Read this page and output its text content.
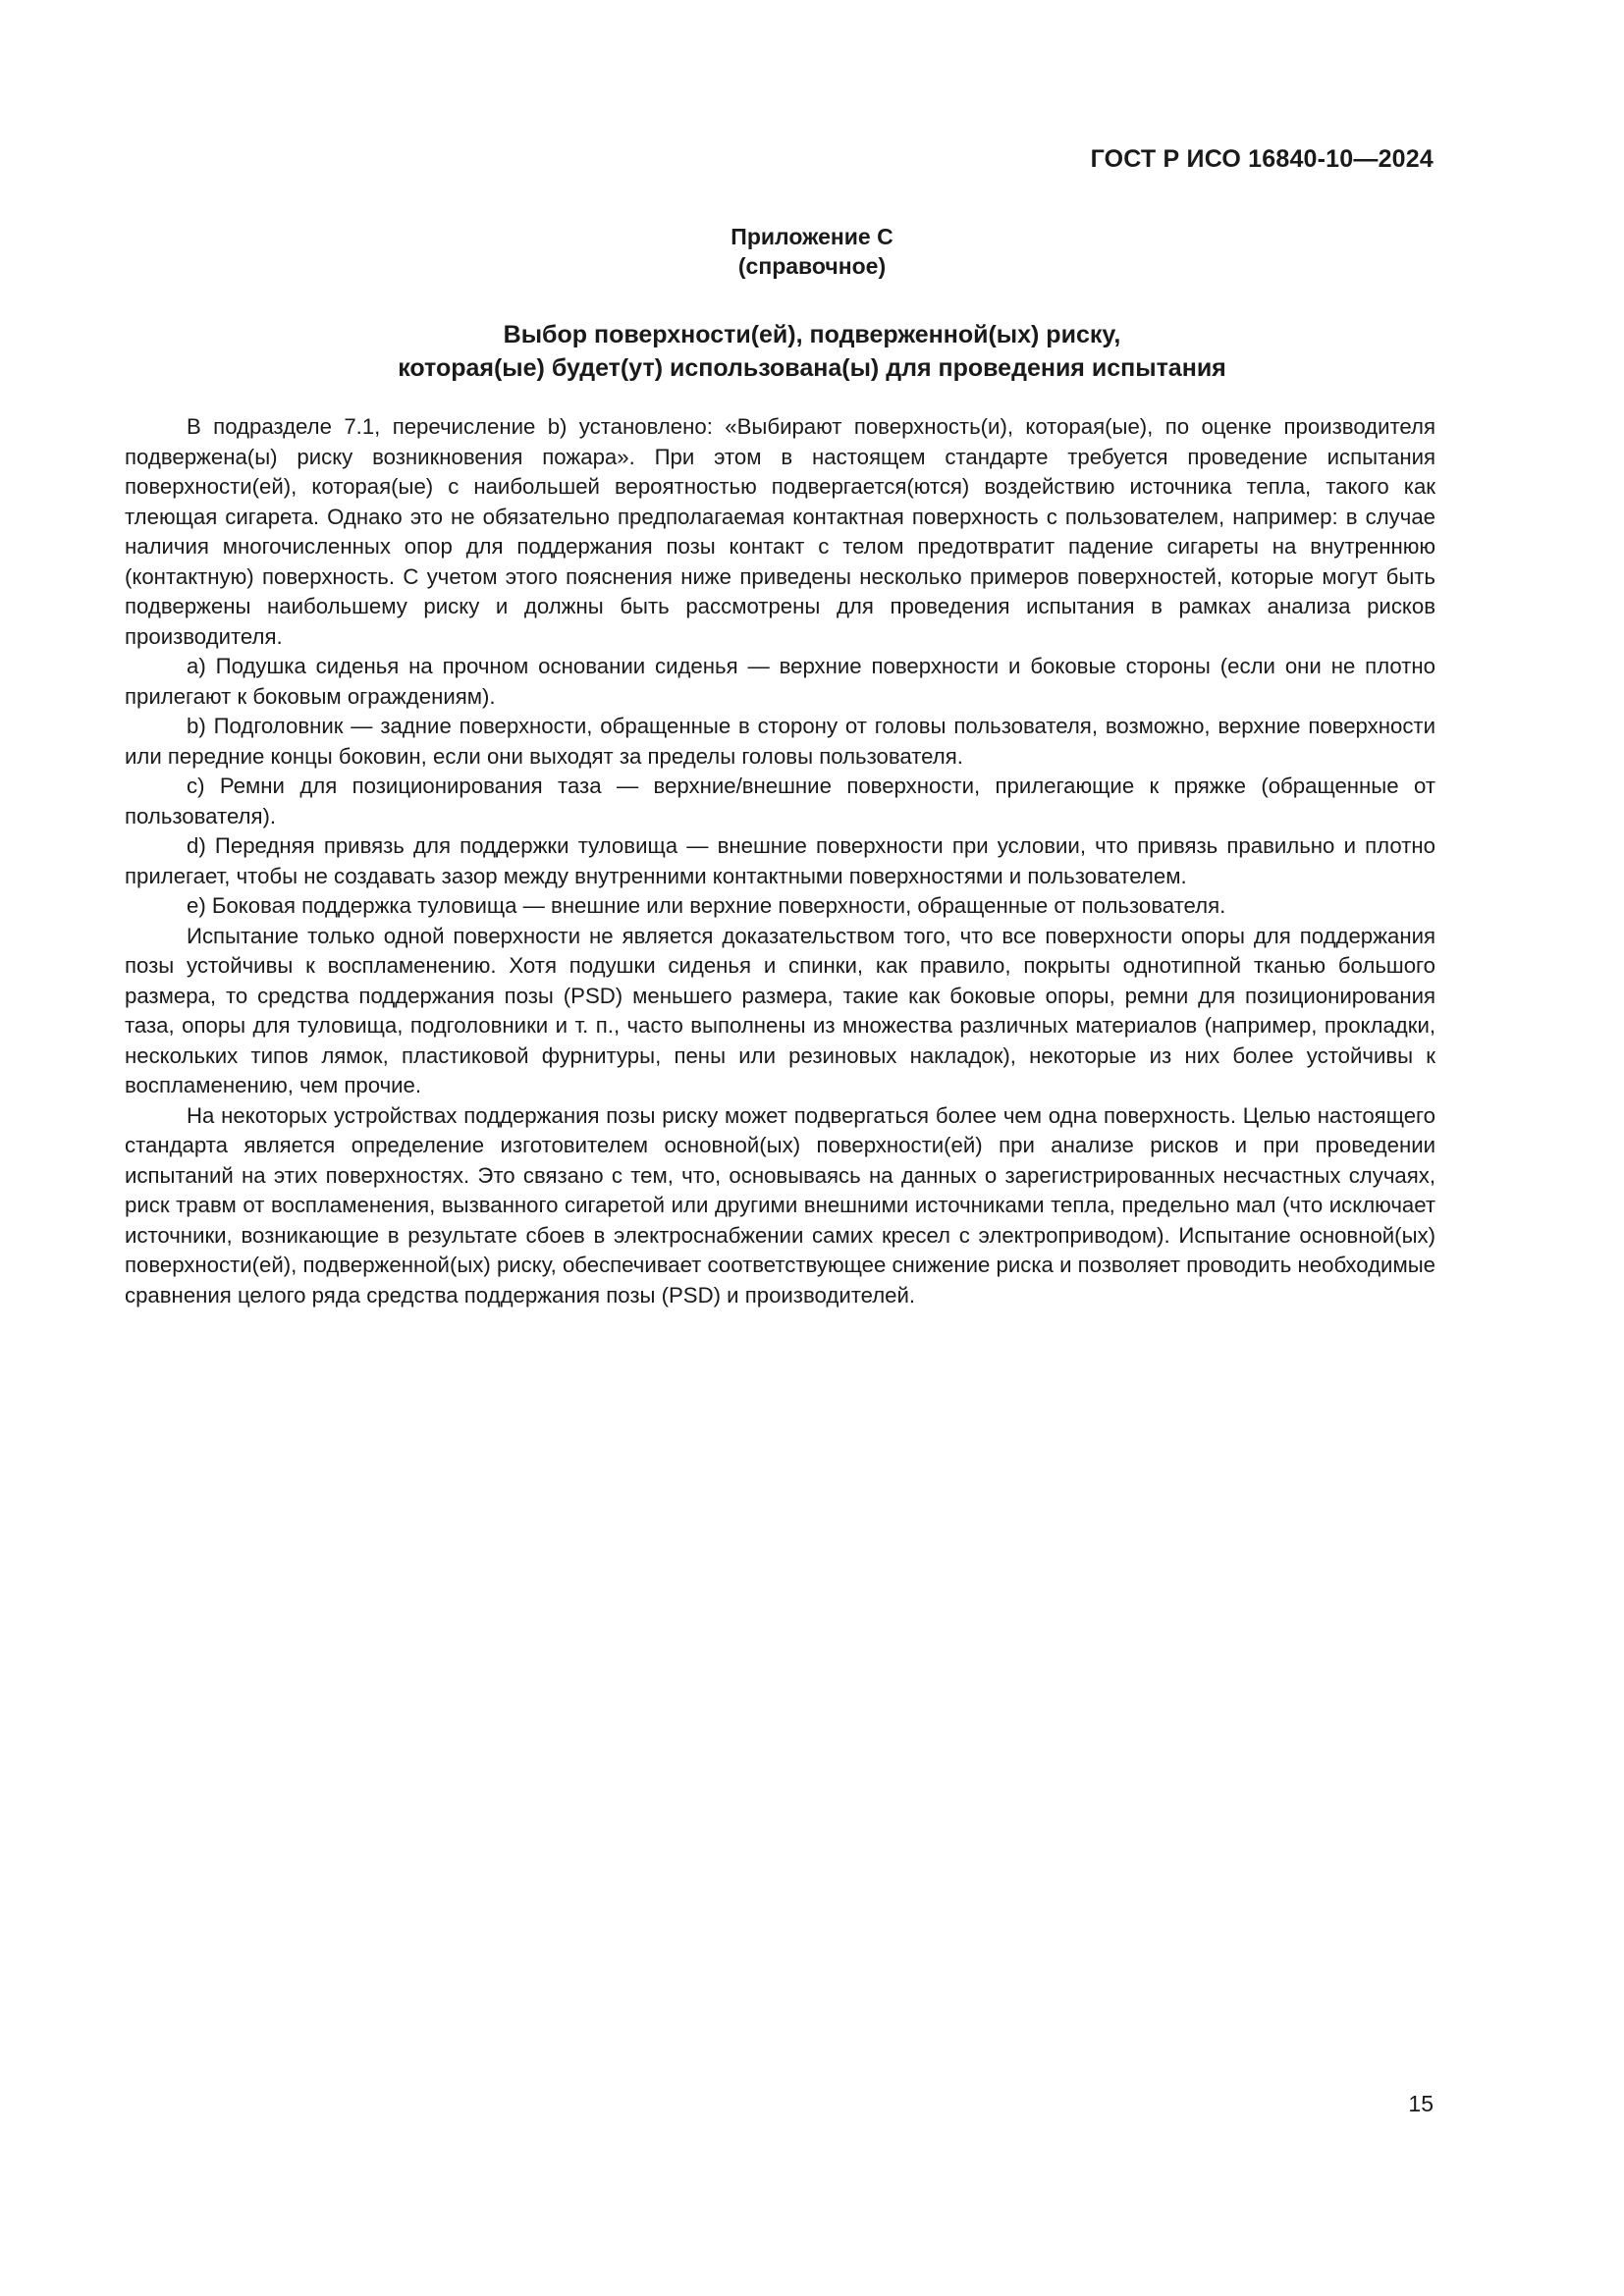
ГОСТ Р ИСО 16840-10—2024
Приложение С
(справочное)
Выбор поверхности(ей), подверженной(ых) риску,
которая(ые) будет(ут) использована(ы) для проведения испытания

В подразделе 7.1, перечисление b) установлено: «Выбирают поверхность(и), которая(ые), по оценке производителя подвержена(ы) риску возникновения пожара». При этом в настоящем стандарте требуется проведение испытания поверхности(ей), которая(ые) с наибольшей вероятностью подвергается(ются) воздействию источника тепла, такого как тлеющая сигарета. Однако это не обязательно предполагаемая контактная поверхность с пользователем, например: в случае наличия многочисленных опор для поддержания позы контакт с телом предотвратит падение сигареты на внутреннюю (контактную) поверхность. С учетом этого пояснения ниже приведены несколько примеров поверхностей, которые могут быть подвержены наибольшему риску и должны быть рассмотрены для проведения испытания в рамках анализа рисков производителя.

а) Подушка сиденья на прочном основании сиденья — верхние поверхности и боковые стороны (если они не плотно прилегают к боковым ограждениям).

b) Подголовник — задние поверхности, обращенные в сторону от головы пользователя, возможно, верхние поверхности или передние концы боковин, если они выходят за пределы головы пользователя.

с) Ремни для позиционирования таза — верхние/внешние поверхности, прилегающие к пряжке (обращенные от пользователя).

d) Передняя привязь для поддержки туловища — внешние поверхности при условии, что привязь правильно и плотно прилегает, чтобы не создавать зазор между внутренними контактными поверхностями и пользователем.

е) Боковая поддержка туловища — внешние или верхние поверхности, обращенные от пользователя.

Испытание только одной поверхности не является доказательством того, что все поверхности опоры для поддержания позы устойчивы к воспламенению. Хотя подушки сиденья и спинки, как правило, покрыты однотипной тканью большого размера, то средства поддержания позы (PSD) меньшего размера, такие как боковые опоры, ремни для позиционирования таза, опоры для туловища, подголовники и т. п., часто выполнены из множества различных материалов (например, прокладки, нескольких типов лямок, пластиковой фурнитуры, пены или резиновых накладок), некоторые из них более устойчивы к воспламенению, чем прочие.

На некоторых устройствах поддержания позы риску может подвергаться более чем одна поверхность. Целью настоящего стандарта является определение изготовителем основной(ых) поверхности(ей) при анализе рисков и при проведении испытаний на этих поверхностях. Это связано с тем, что, основываясь на данных о зарегистрированных несчастных случаях, риск травм от воспламенения, вызванного сигаретой или другими внешними источниками тепла, предельно мал (что исключает источники, возникающие в результате сбоев в электроснабжении самих кресел с электроприводом). Испытание основной(ых) поверхности(ей), подверженной(ых) риску, обеспечивает соответствующее снижение риска и позволяет проводить необходимые сравнения целого ряда средства поддержания позы (PSD) и производителей.

15
